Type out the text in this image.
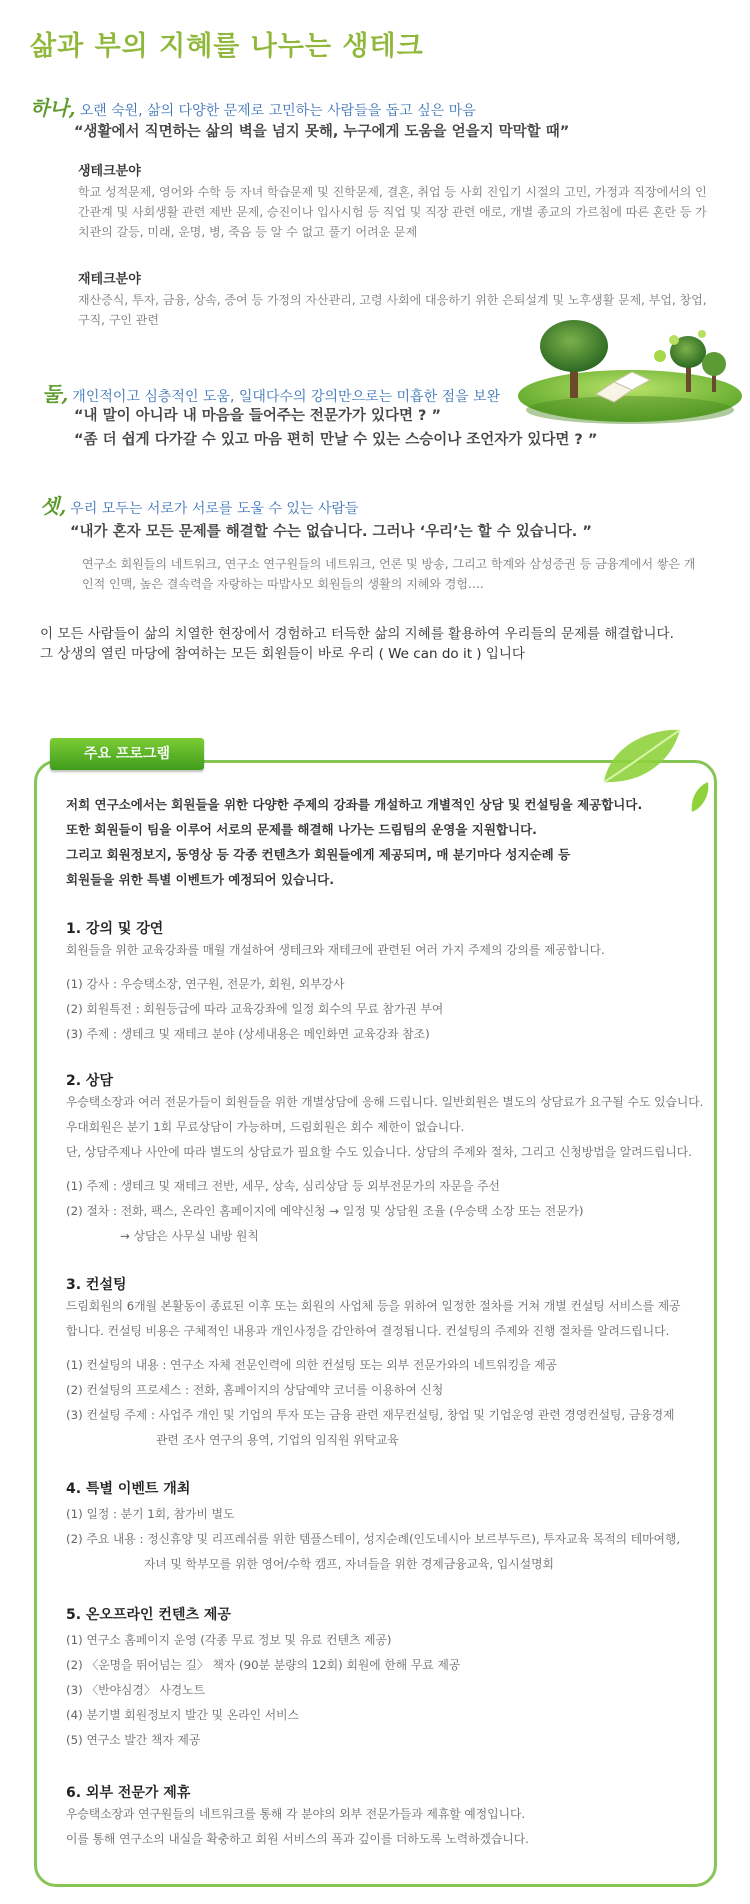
삶과 부의 지혜를 나누는 생테크
하나, 오랜 숙원, 삶의 다양한 문제로 고민하는 사람들을 돕고 싶은 마음
“생활에서 직면하는 삶의 벽을 넘지 못해, 누구에게 도움을 얻을지 막막할 때”
생테크분야
학교 성적문제, 영어와 수학 등 자녀 학습문제 및 진학문제, 결혼, 취업 등 사회 진입기 시절의 고민, 가정과 직장에서의 인간관계 및 사회생활 관련 제반 문제, 승진이나 입사시험 등 직업 및 직장 관련 애로, 개별 종교의 가르침에 따른 혼란 등 가치관의 갈등, 미래, 운명, 병, 죽음 등 알 수 없고 풀기 어려운 문제
재테크분야
재산증식, 투자, 금융, 상속, 증여 등 가정의 자산관리, 고령 사회에 대응하기 위한 은퇴설계 및 노후생활 문제, 부업, 창업, 구직, 구인 관련
둘, 개인적이고 심층적인 도움, 일대다수의 강의만으로는 미흡한 점을 보완
“내 말이 아니라 내 마음을 들어주는 전문가가 있다면 ? ”
“좀 더 쉽게 다가갈 수 있고 마음 편히 만날 수 있는 스승이나 조언자가 있다면 ? ”
셋, 우리 모두는 서로가 서로를 도울 수 있는 사람들
“내가 혼자 모든 문제를 해결할 수는 없습니다. 그러나 ‘우리’는 할 수 있습니다. ”
연구소 회원들의 네트워크, 연구소 연구원들의 네트워크, 언론 및 방송, 그리고 학계와 삼성증권 등 금융계에서 쌓은 개인적 인맥, 높은 결속력을 자랑하는 따밥사모 회원들의 생활의 지혜와 경험….
이 모든 사람들이 삶의 치열한 현장에서 경험하고 터득한 삶의 지혜를 활용하여 우리들의 문제를 해결합니다.
그 상생의 열린 마당에 참여하는 모든 회원들이 바로 우리 ( We can do it ) 입니다
주요 프로그램
저희 연구소에서는 회원들을 위한 다양한 주제의 강좌를 개설하고 개별적인 상담 및 컨설팅을 제공합니다.
또한 회원들이 팀을 이루어 서로의 문제를 해결해 나가는 드림팀의 운영을 지원합니다.
그리고 회원정보지, 동영상 등 각종 컨텐츠가 회원들에게 제공되며, 매 분기마다 성지순례 등
회원들을 위한 특별 이벤트가 예정되어 있습니다.
1. 강의 및 강연
회원들을 위한 교육강좌를 매월 개설하여 생테크와 재테크에 관련된 여러 가지 주제의 강의를 제공합니다.
(1) 강사 : 우승택소장, 연구원, 전문가, 회원, 외부강사
(2) 회원특전 : 회원등급에 따라 교육강좌에 일정 회수의 무료 참가권 부여
(3) 주제 : 생테크 및 재테크 분야 (상세내용은 메인화면 교육강좌 참조)
2. 상담
우승택소장과 여러 전문가들이 회원들을 위한 개별상담에 응해 드립니다. 일반회원은 별도의 상담료가 요구될 수도 있습니다.
우대회원은 분기 1회 무료상담이 가능하며, 드림회원은 회수 제한이 없습니다.
단, 상담주제나 사안에 따라 별도의 상담료가 필요할 수도 있습니다. 상담의 주제와 절차, 그리고 신청방법을 알려드립니다.
(1) 주제 : 생테크 및 재테크 전반, 세무, 상속, 심리상담 등 외부전문가의 자문을 주선
(2) 절차 : 전화, 팩스, 온라인 홈페이지에 예약신청 → 일정 및 상담원 조율 (우승택 소장 또는 전문가)
→ 상담은 사무실 내방 원칙
3. 컨설팅
드림회원의 6개월 본활동이 종료된 이후 또는 회원의 사업체 등을 위하여 일정한 절차를 거쳐 개별 컨설팅 서비스를 제공
합니다. 컨설팅 비용은 구체적인 내용과 개인사정을 감안하여 결정됩니다. 컨설팅의 주제와 진행 절차를 알려드립니다.
(1) 컨설팅의 내용 : 연구소 자체 전문인력에 의한 컨설팅 또는 외부 전문가와의 네트워킹을 제공
(2) 컨설팅의 프로세스 : 전화, 홈페이지의 상담예약 코너를 이용하여 신청
(3) 컨설팅 주제 : 사업주 개인 및 기업의 투자 또는 금융 관련 재무컨설팅, 창업 및 기업운영 관련 경영컨설팅, 금융경제
관련 조사 연구의 용역, 기업의 임직원 위탁교육
4. 특별 이벤트 개최
(1) 일정 : 분기 1회, 참가비 별도
(2) 주요 내용 : 정신휴양 및 리프레쉬를 위한 템플스테이, 성지순례(인도네시아 보르부두르), 투자교육 목적의 테마여행,
자녀 및 학부모를 위한 영어/수학 캠프, 자녀들을 위한 경제금융교육, 입시설명회
5. 온오프라인 컨텐츠 제공
(1) 연구소 홈페이지 운영 (각종 무료 정보 및 유료 컨텐츠 제공)
(2) 〈운명을 뛰어넘는 길〉 책자 (90분 분량의 12회) 회원에 한해 무료 제공
(3) 〈반야심경〉 사경노트
(4) 분기별 회원정보지 발간 및 온라인 서비스
(5) 연구소 발간 책자 제공
6. 외부 전문가 제휴
우승택소장과 연구원들의 네트워크를 통해 각 분야의 외부 전문가들과 제휴할 예정입니다.
이를 통해 연구소의 내실을 확충하고 회원 서비스의 폭과 깊이를 더하도록 노력하겠습니다.
